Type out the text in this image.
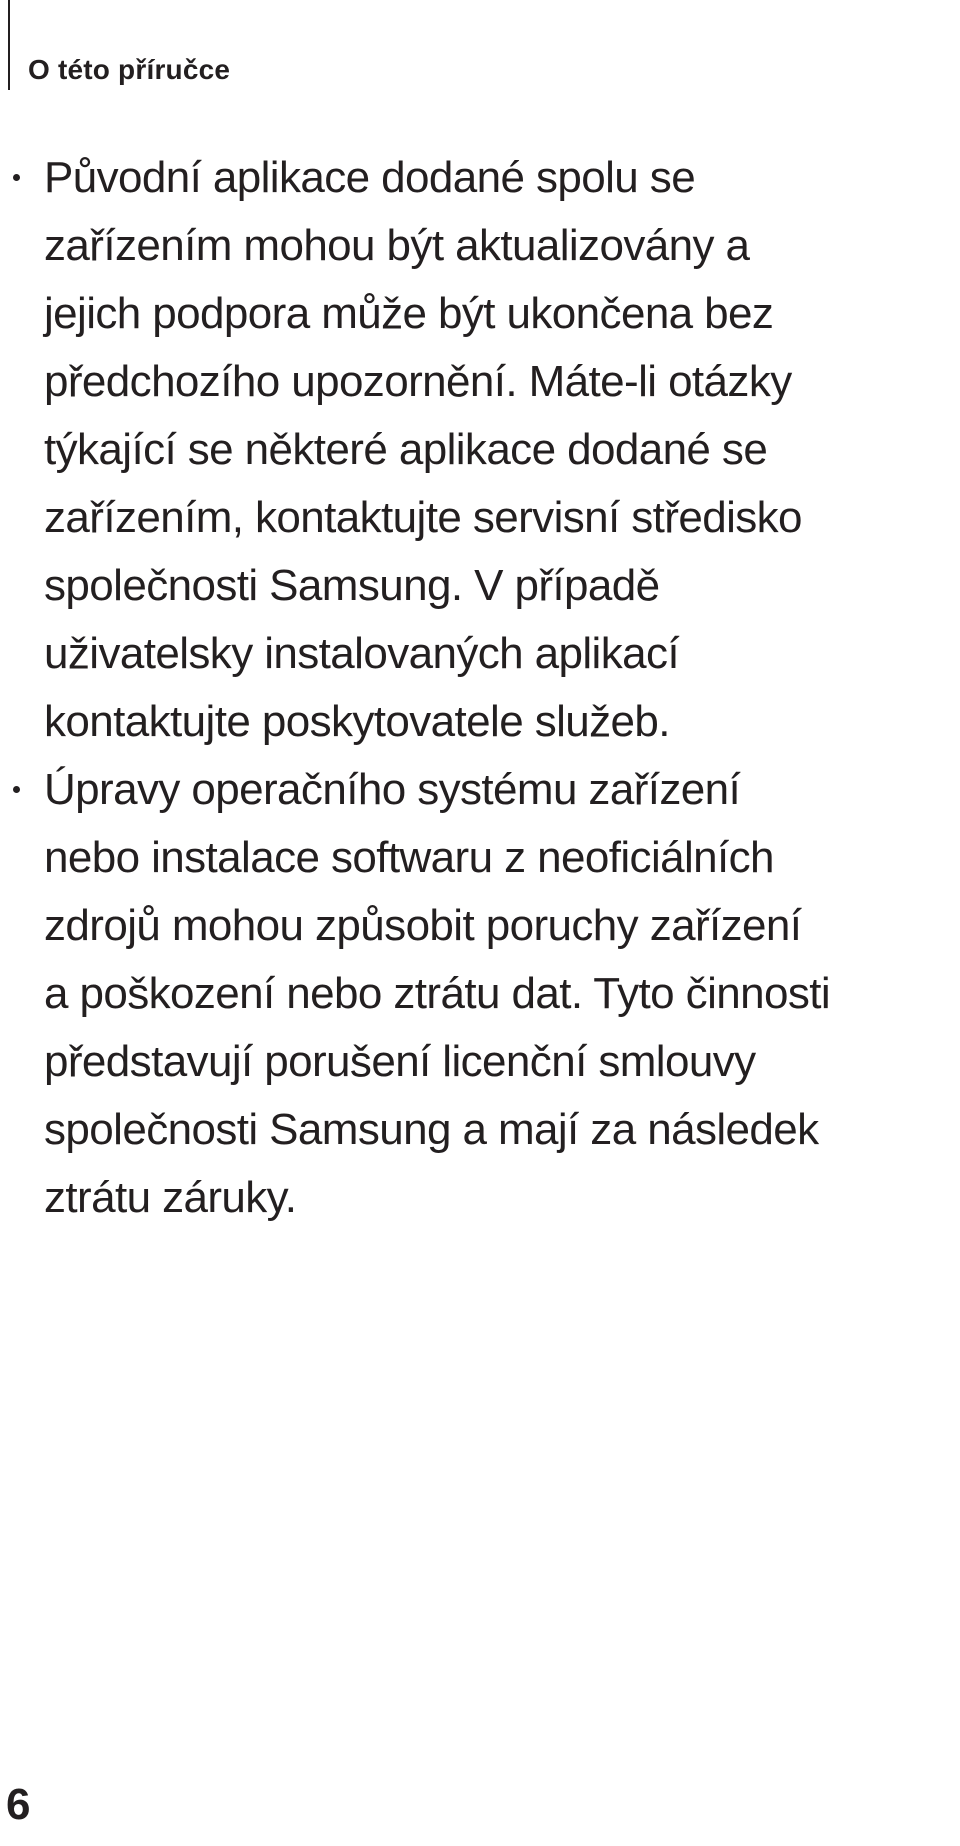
O této příručce
Původní aplikace dodané spolu se
zařízením mohou být aktualizovány a
jejich podpora může být ukončena bez
předchozího upozornění. Máte-li otázky
týkající se některé aplikace dodané se
zařízením, kontaktujte servisní středisko
společnosti Samsung. V případě
uživatelsky instalovaných aplikací
kontaktujte poskytovatele služeb.
Úpravy operačního systému zařízení
nebo instalace softwaru z neoficiálních
zdrojů mohou způsobit poruchy zařízení
a poškození nebo ztrátu dat. Tyto činnosti
představují porušení licenční smlouvy
společnosti Samsung a mají za následek
ztrátu záruky.

6
